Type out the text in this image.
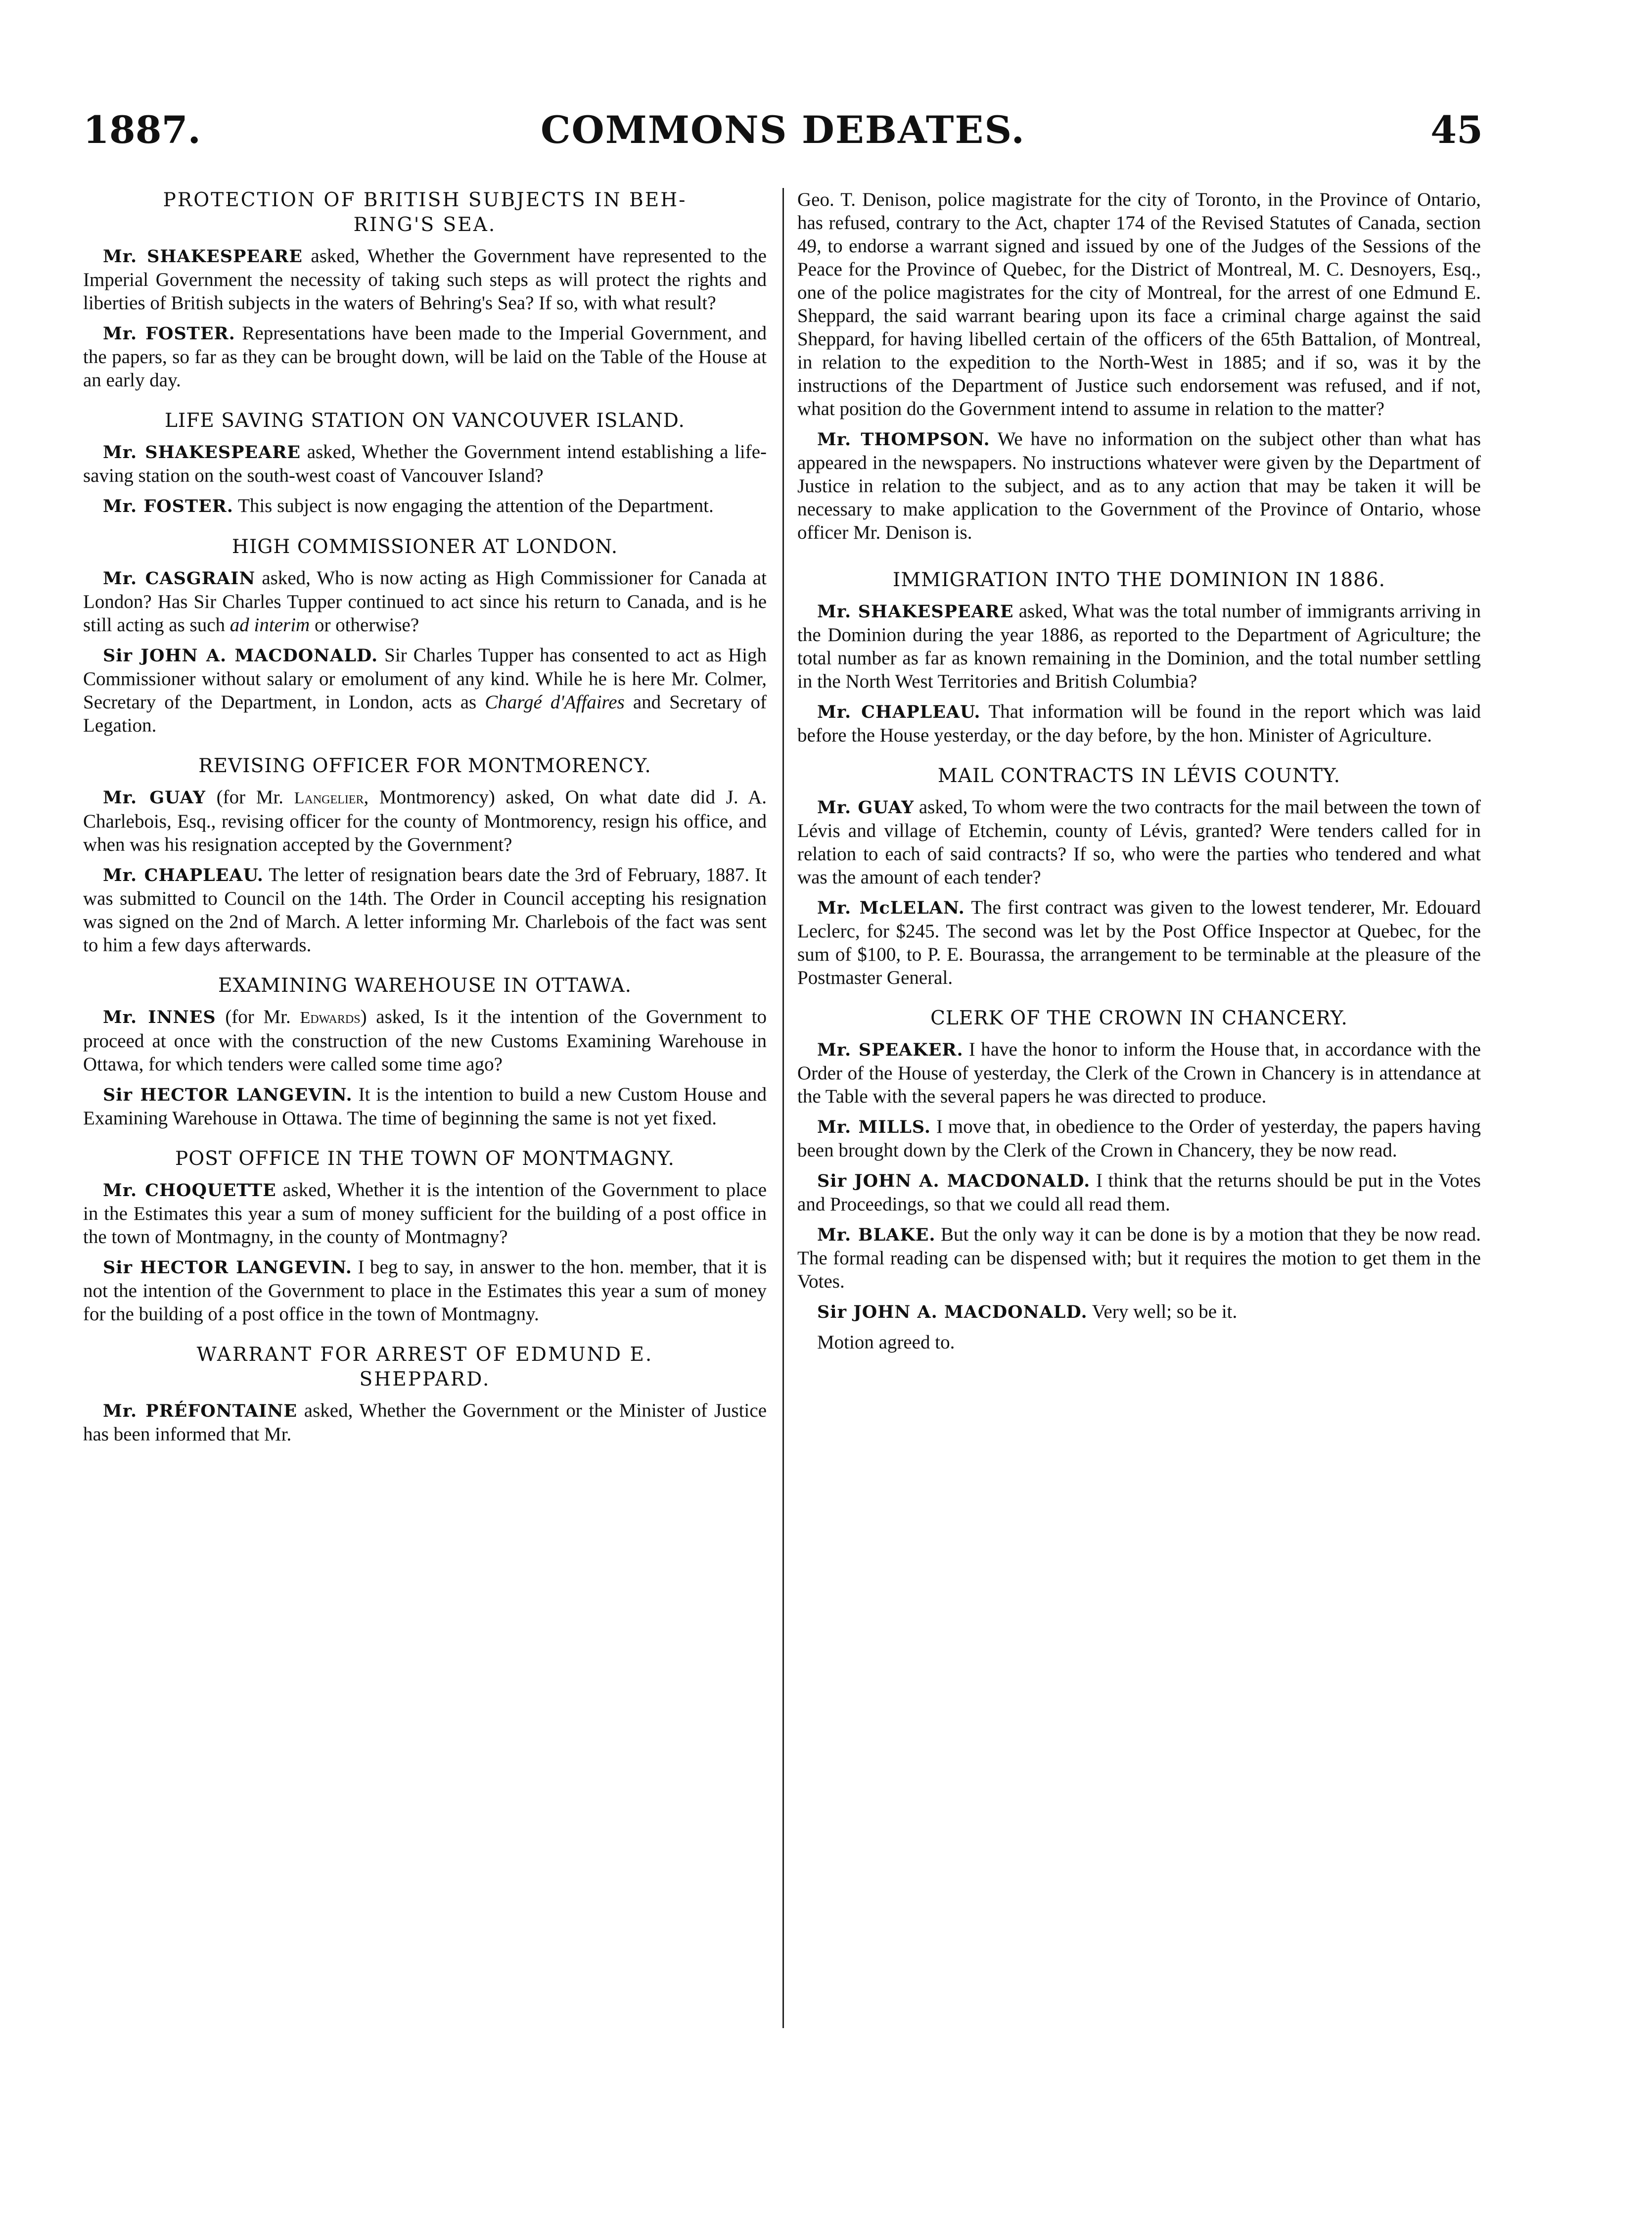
1887.	COMMONS DEBATES.	45
PROTECTION OF BRITISH SUBJECTS IN BEH-
RING'S SEA.

Mr. SHAKESPEARE asked, Whether the Government have represented to the Imperial Government the necessity of taking such steps as will protect the rights and liberties of British subjects in the waters of Behring's Sea? If so, with what result?

Mr. FOSTER. Representations have been made to the Imperial Government, and the papers, so far as they can be brought down, will be laid on the Table of the House at an early day.

LIFE SAVING STATION ON VANCOUVER ISLAND.

Mr. SHAKESPEARE asked, Whether the Government intend establishing a life-saving station on the south-west coast of Vancouver Island?

Mr. FOSTER. This subject is now engaging the attention of the Department.

HIGH COMMISSIONER AT LONDON.

Mr. CASGRAIN asked, Who is now acting as High Commissioner for Canada at London? Has Sir Charles Tupper continued to act since his return to Canada, and is he still acting as such ad interim or otherwise?

Sir JOHN A. MACDONALD. Sir Charles Tupper has consented to act as High Commissioner without salary or emolument of any kind. While he is here Mr. Colmer, Secretary of the Department, in London, acts as Chargé d'Affaires and Secretary of Legation.

REVISING OFFICER FOR MONTMORENCY.

Mr. GUAY (for Mr. Langelier, Montmorency) asked, On what date did J. A. Charlebois, Esq., revising officer for the county of Montmorency, resign his office, and when was his resignation accepted by the Government?

Mr. CHAPLEAU. The letter of resignation bears date the 3rd of February, 1887. It was submitted to Council on the 14th. The Order in Council accepting his resignation was signed on the 2nd of March. A letter informing Mr. Charlebois of the fact was sent to him a few days afterwards.

EXAMINING WAREHOUSE IN OTTAWA.

Mr. INNES (for Mr. Edwards) asked, Is it the intention of the Government to proceed at once with the construction of the new Customs Examining Warehouse in Ottawa, for which tenders were called some time ago?

Sir HECTOR LANGEVIN. It is the intention to build a new Custom House and Examining Warehouse in Ottawa. The time of beginning the same is not yet fixed.

POST OFFICE IN THE TOWN OF MONTMAGNY.

Mr. CHOQUETTE asked, Whether it is the intention of the Government to place in the Estimates this year a sum of money sufficient for the building of a post office in the town of Montmagny, in the county of Montmagny?

Sir HECTOR LANGEVIN. I beg to say, in answer to the hon. member, that it is not the intention of the Government to place in the Estimates this year a sum of money for the building of a post office in the town of Montmagny.

WARRANT FOR ARREST OF EDMUND E.
SHEPPARD.

Mr. PRÉFONTAINE asked, Whether the Government or the Minister of Justice has been informed that Mr.

Geo. T. Denison, police magistrate for the city of Toronto, in the Province of Ontario, has refused, contrary to the Act, chapter 174 of the Revised Statutes of Canada, section 49, to endorse a warrant signed and issued by one of the Judges of the Sessions of the Peace for the Province of Quebec, for the District of Montreal, M. C. Desnoyers, Esq., one of the police magistrates for the city of Montreal, for the arrest of one Edmund E. Sheppard, the said warrant bearing upon its face a criminal charge against the said Sheppard, for having libelled certain of the officers of the 65th Battalion, of Montreal, in relation to the expedition to the North-West in 1885; and if so, was it by the instructions of the Department of Justice such endorsement was refused, and if not, what position do the Government intend to assume in relation to the matter?

Mr. THOMPSON. We have no information on the subject other than what has appeared in the newspapers. No instructions whatever were given by the Department of Justice in relation to the subject, and as to any action that may be taken it will be necessary to make application to the Government of the Province of Ontario, whose officer Mr. Denison is.

IMMIGRATION INTO THE DOMINION IN 1886.

Mr. SHAKESPEARE asked, What was the total number of immigrants arriving in the Dominion during the year 1886, as reported to the Department of Agriculture; the total number as far as known remaining in the Dominion, and the total number settling in the North West Territories and British Columbia?

Mr. CHAPLEAU. That information will be found in the report which was laid before the House yesterday, or the day before, by the hon. Minister of Agriculture.

MAIL CONTRACTS IN LÉVIS COUNTY.

Mr. GUAY asked, To whom were the two contracts for the mail between the town of Lévis and village of Etchemin, county of Lévis, granted? Were tenders called for in relation to each of said contracts? If so, who were the parties who tendered and what was the amount of each tender?

Mr. McLELAN. The first contract was given to the lowest tenderer, Mr. Edouard Leclerc, for $245. The second was let by the Post Office Inspector at Quebec, for the sum of $100, to P. E. Bourassa, the arrangement to be terminable at the pleasure of the Postmaster General.

CLERK OF THE CROWN IN CHANCERY.

Mr. SPEAKER. I have the honor to inform the House that, in accordance with the Order of the House of yesterday, the Clerk of the Crown in Chancery is in attendance at the Table with the several papers he was directed to produce.

Mr. MILLS. I move that, in obedience to the Order of yesterday, the papers having been brought down by the Clerk of the Crown in Chancery, they be now read.

Sir JOHN A. MACDONALD. I think that the returns should be put in the Votes and Proceedings, so that we could all read them.

Mr. BLAKE. But the only way it can be done is by a motion that they be now read. The formal reading can be dispensed with; but it requires the motion to get them in the Votes.

Sir JOHN A. MACDONALD. Very well; so be it.

Motion agreed to.
